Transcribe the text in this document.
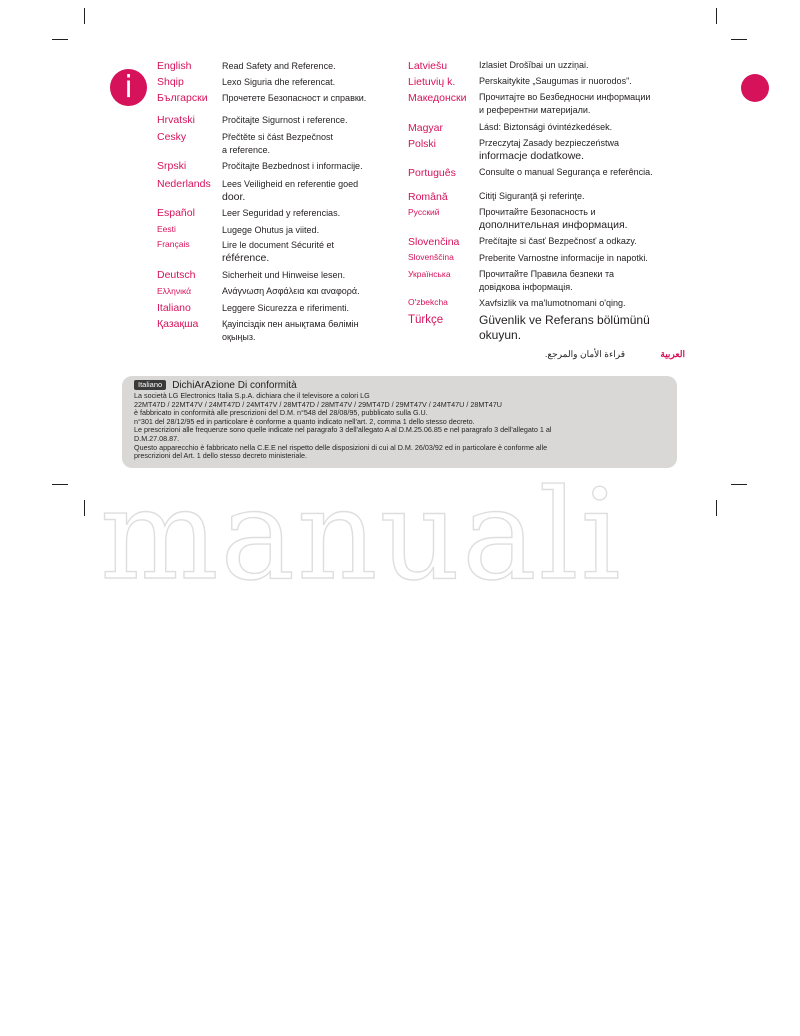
i
English	Read Safety and Reference.
Shqip	Lexo Siguria dhe referencat.
Български Прочетете Безопасност и справки.
Hrvatski	Pročitajte Sigurnost i reference.
Cesky	Přečtěte si část Bezpečnost
a reference.
Srpski	Pročitajte Bezbednost i informacije.
Nederlands Lees Veiligheid en referentie goed
door.
Español	Leer Seguridad y referencias.
Eesti	Lugege Ohutus ja viited.
Français	Lire le document Sécurité et
référence.
Deutsch	Sicherheit und Hinweise lesen.
Ελληνικά	Ανάγνωση Ασφάλεια και αναφορά.
Italiano	Leggere Sicurezza e riferimenti.
Қазақша	Қауіпсіздік пен анықтама бөлімін
оқыңыз.
Latviešu	Izlasiet Drošībai un uzziņai.
Lietuvių k.	Perskaitykite „Saugumas ir nuorodos".
Македонски Прочитајте во Безбедносни информации
и референтни материјали.
Magyar	Lásd: Biztonsági óvintézkedések.
Polski	Przeczytaj Zasady bezpieczeństwa
informacje dodatkowe.
Português	Consulte o manual Segurança e referência.
Română	Citiţi Siguranţă şi referinţe.
Русский	Прочитайте Безопасность и
дополнительная информация.
Slovenčina Prečítajte si časť Bezpečnosť a odkazy.
Slovenščina	Preberite Varnostne informacije in napotki.
Українська	Прочитайте Правила безпеки та
довідкова інформація.
O'zbekcha	Xavfsizlik va ma'lumotnomani o'qing.
Türkçe	Güvenlik ve Referans bölümünü
okuyun.
العربية
قراءة الأمان والمرجع.
Italiano	DichiArAzione Di conformità

La società LG Electronics Italia S.p.A. dichiara che il televisore a colori LG

22MT47D / 22MT47V / 24MT47D / 24MT47V / 28MT47D / 28MT47V / 29MT47D / 29MT47V / 24MT47U / 28MT47U

è fabbricato in conformità alle prescrizioni del D.M. n°548 del 28/08/95, pubblicato sulla G.U.

n°301 del 28/12/95 ed in particolare è conforme a quanto indicato nell'art. 2, comma 1 dello stesso decreto.

Le prescrizioni alle frequenze sono quelle indicate nel paragrafo 3 dell'allegato A al D.M.25.06.85 e nel paragrafo 3 dell'allegato 1 al

D.M.27.08.87.

Questo apparecchio è fabbricato nella C.E.E nel rispetto delle disposizioni di cui al D.M. 26/03/92 ed in particolare è conforme alle

prescrizioni del Art. 1 dello stesso decreto ministeriale.

manuali
